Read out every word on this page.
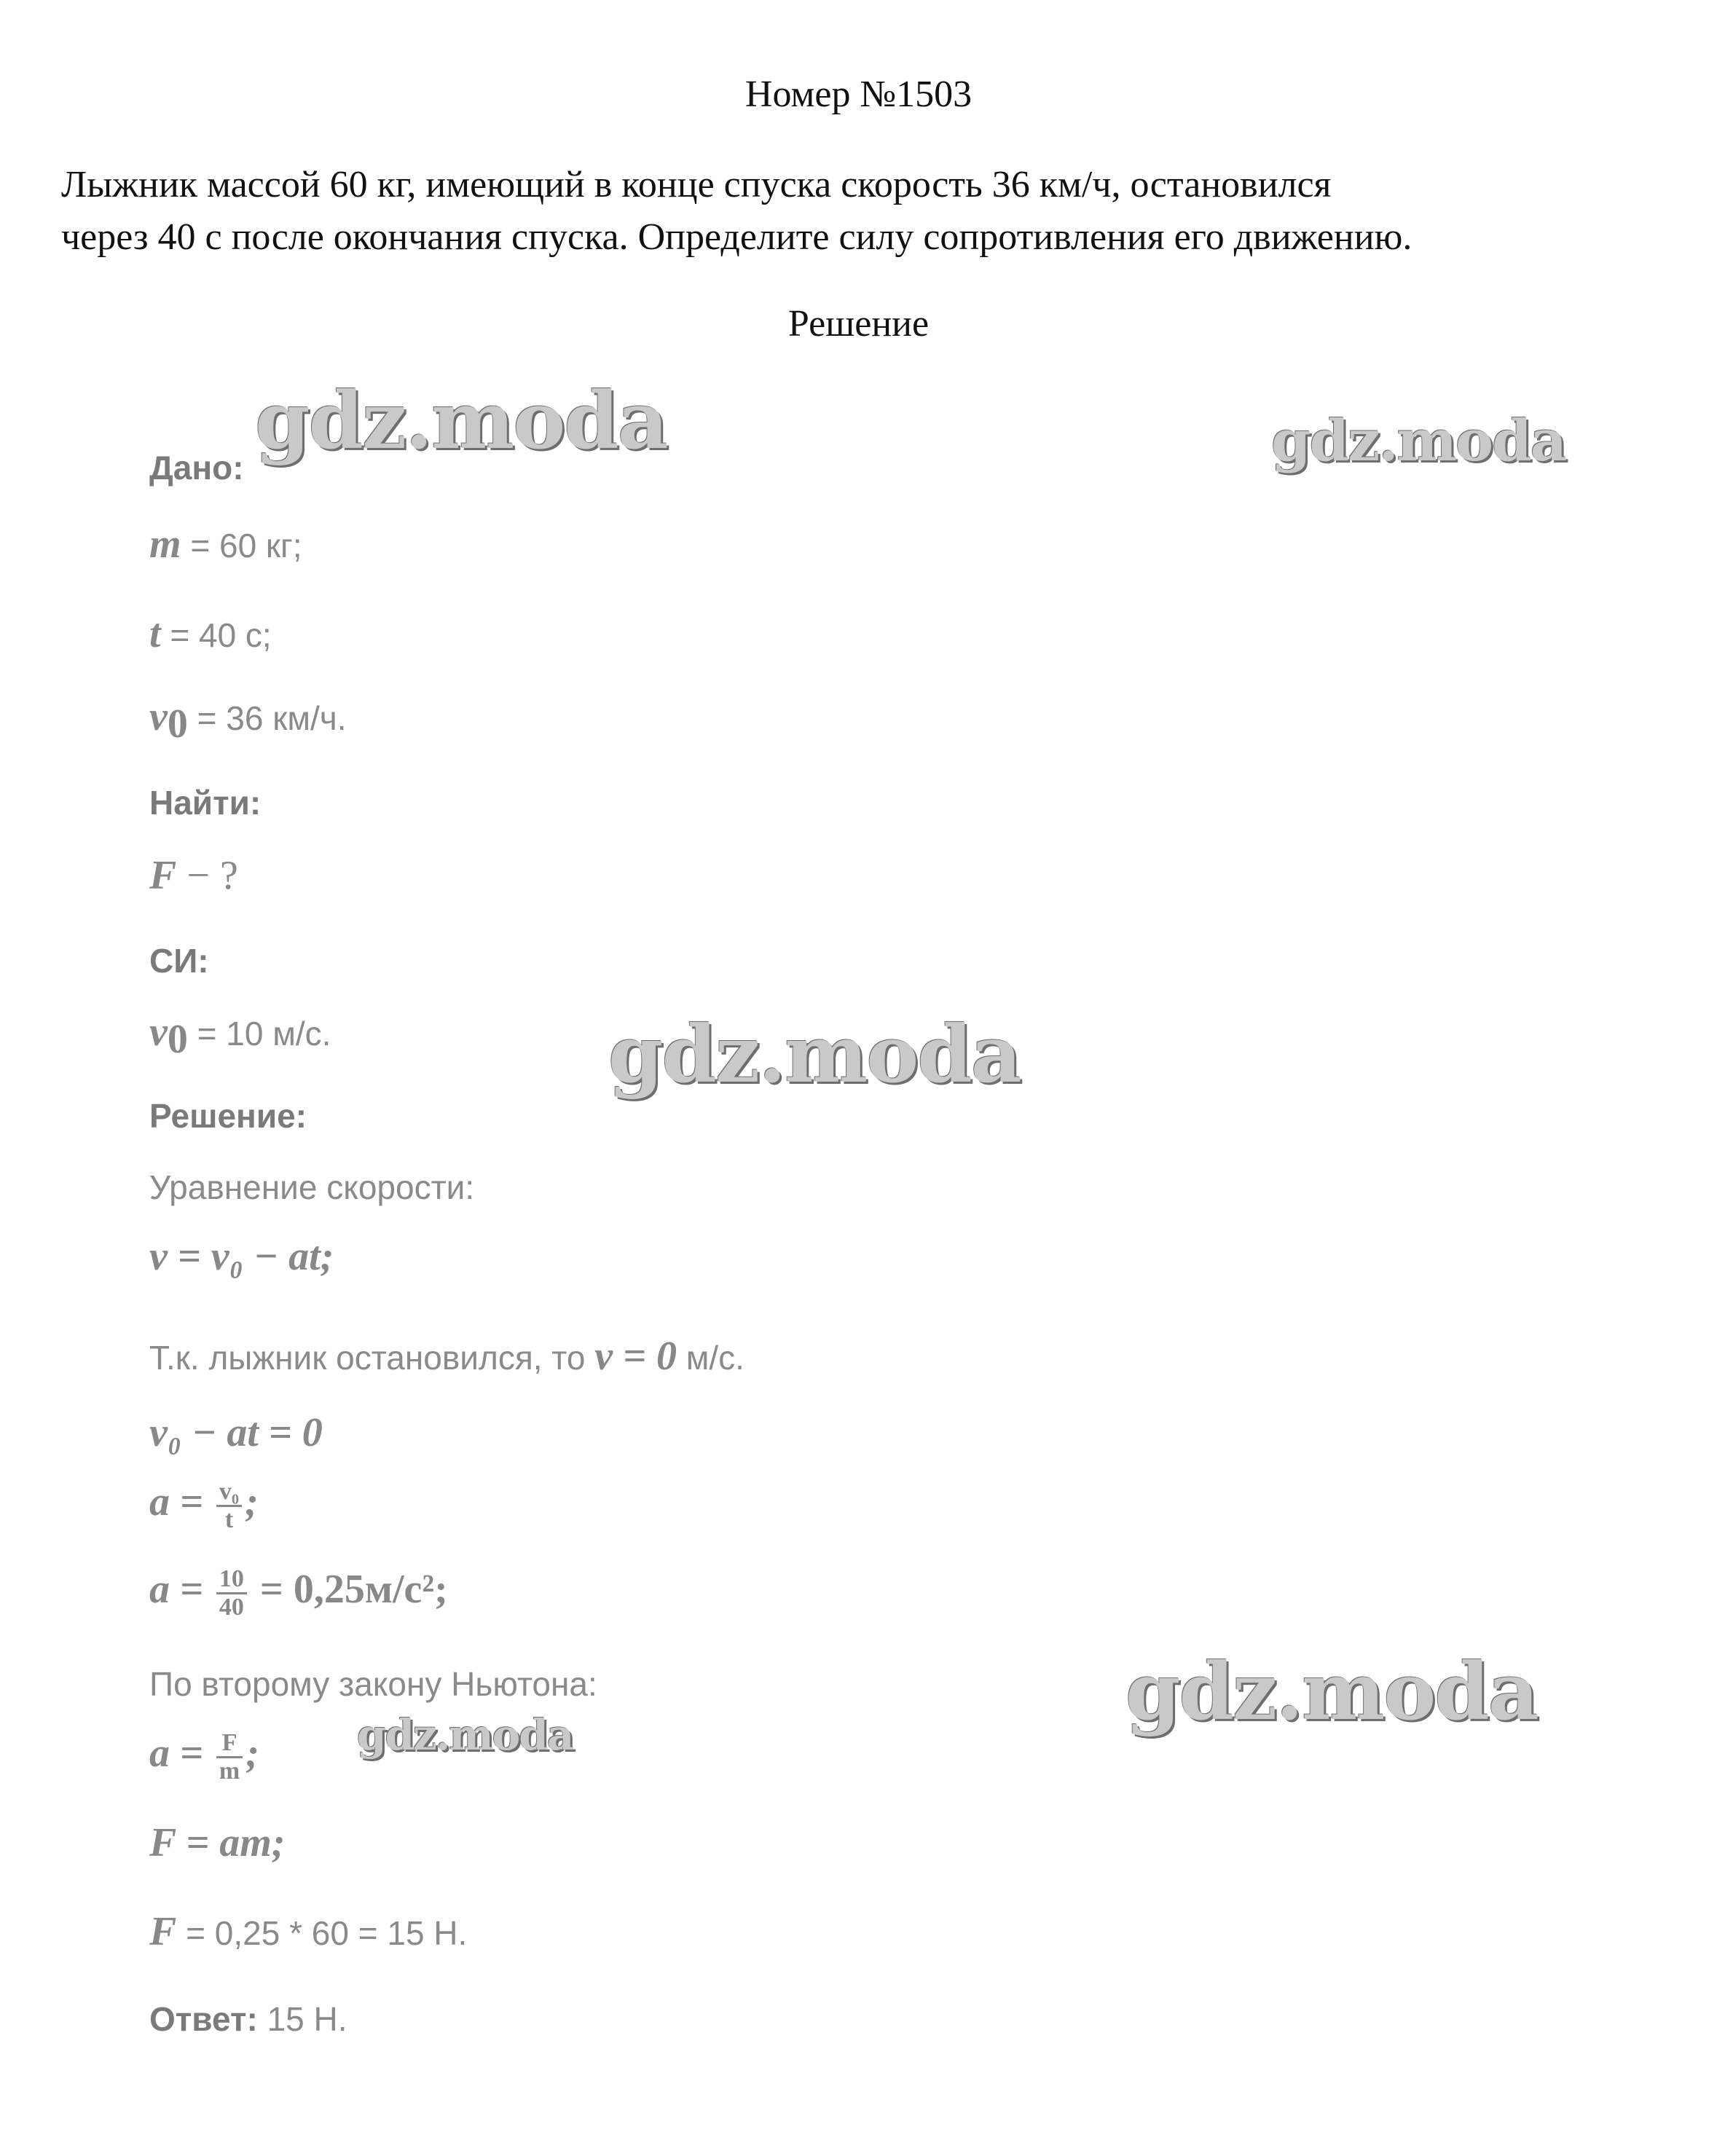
Номер №1503
Лыжник массой 60 кг, имеющий в конце спуска скорость 36 км/ч, остановился
через 40 с после окончания спуска. Определите силу сопротивления его движению.
Решение
Дано:
m = 60 кг;
t = 40 с;
$v_0 = 36$ км/ч.
Найти:
F − ?
СИ:
$v_0 = 10$ м/с.
Решение:
Уравнение скорости:
v = v₀ − at;
Т.к. лыжник остановился, то v = 0 м/с.
v₀ − at = 0
$a = \frac{\text{v₀}}{t}$ ;
$a = \frac{10}{40} = 0,25м/с^2$;
По второму закону Ньютона:
$a = \frac{F}{m}$ ;
F = am;
F = 0,25 * 60 = 15 Н.
Ответ: 15 Н.
gdz.moda	gdz.moda
gdz.moda
gdz.moda
gdz.moda
